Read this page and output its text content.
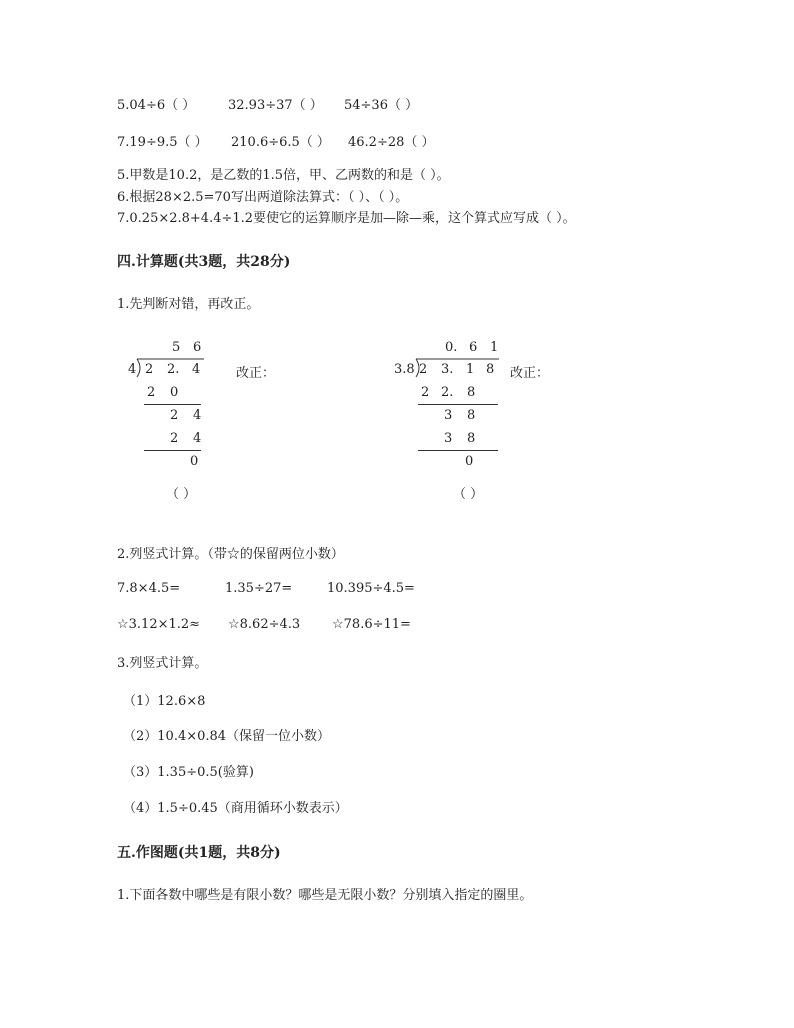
5.04÷6（ ）	32.93÷37（ ） 54÷36（ ）
7.19÷9.5（ ） 210.6÷6.5（ ） 46.2÷28（ ）
5.甲数是10.2，是乙数的1.5倍，甲、乙两数的和是（ ）。
6.根据28×2.5=70写出两道除法算式：（ ）、（ ）。
7.0.25×2.8+4.4÷1.2要使它的运算顺序是加—除—乘，这个算式应写成（ ）。
四.计算题(共3题，共28分)
1.先判断对错，再改正。
5 6
4 2 2. 4
2 0
2 4
2 4
0
（ ）
改正：
0. 6 1
3.8 2 3. 1 8
2 2. 8
3 8
3 8
0
（ ）
改正：
2.列竖式计算。（带☆的保留两位小数）
7.8×4.5=	1.35÷27=	10.395÷4.5=
☆3.12×1.2≈ ☆8.62÷4.3 ☆78.6÷11=
3.列竖式计算。
（1）12.6×8
（2）10.4×0.84（保留一位小数）
（3）1.35÷0.5(验算)
（4）1.5÷0.45（商用循环小数表示）
五.作图题(共1题，共8分)
1.下面各数中哪些是有限小数？哪些是无限小数？分别填入指定的圈里。
